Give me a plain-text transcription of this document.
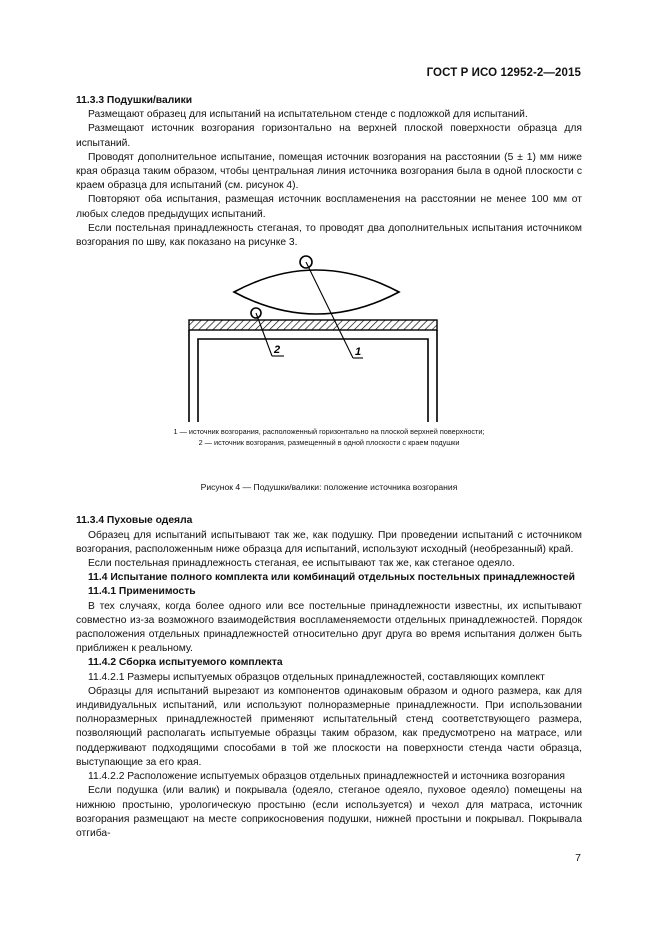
ГОСТ Р ИСО 12952-2—2015

11.3.3 Подушки/валики

Размещают образец для испытаний на испытательном стенде с подложкой для испытаний.

Размещают источник возгорания горизонтально на верхней плоской поверхности образца для испытаний.

Проводят дополнительное испытание, помещая источник возгорания на расстоянии (5 ± 1) мм ниже края образца таким образом, чтобы центральная линия источника возгорания была в одной плоскости с краем образца для испытаний (см. рисунок 4).

Повторяют оба испытания, размещая источник воспламенения на расстоянии не менее 100 мм от любых следов предыдущих испытаний.

Если постельная принадлежность стеганая, то проводят два дополнительных испытания источником возгорания по шву, как показано на рисунке 3.

1
2
1 — источник возгорания, расположенный горизонтально на плоской верхней поверхности;
2 — источник возгорания, размещенный в одной плоскости с краем подушки
Рисунок 4 — Подушки/валики: положение источника возгорания

11.3.4 Пуховые одеяла

Образец для испытаний испытывают так же, как подушку. При проведении испытаний с источником возгорания, расположенным ниже образца для испытаний, используют исходный (необрезанный) край.

Если постельная принадлежность стеганая, ее испытывают так же, как стеганое одеяло.

11.4 Испытание полного комплекта или комбинаций отдельных постельных принадлежностей

11.4.1 Применимость

В тех случаях, когда более одного или все постельные принадлежности известны, их испытывают совместно из-за возможного взаимодействия воспламеняемости отдельных принадлежностей. Порядок расположения отдельных принадлежностей относительно друг друга во время испытания должен быть приближен к реальному.

11.4.2 Сборка испытуемого комплекта

11.4.2.1 Размеры испытуемых образцов отдельных принадлежностей, составляющих комплект

Образцы для испытаний вырезают из компонентов одинаковым образом и одного размера, как для индивидуальных испытаний, или используют полноразмерные принадлежности. При использовании полноразмерных принадлежностей применяют испытательный стенд соответствующего размера, позволяющий располагать испытуемые образцы таким образом, как предусмотрено на матрасе, или поддерживают подходящими способами в той же плоскости на поверхности стенда части образца, выступающие за его края.

11.4.2.2 Расположение испытуемых образцов отдельных принадлежностей и источника возгорания

Если подушка (или валик) и покрывала (одеяло, стеганое одеяло, пуховое одеяло) помещены на нижнюю простыню, урологическую простыню (если используется) и чехол для матраса, источник возгорания размещают на месте соприкосновения подушки, нижней простыни и покрывал. Покрывала отгиба-

7
